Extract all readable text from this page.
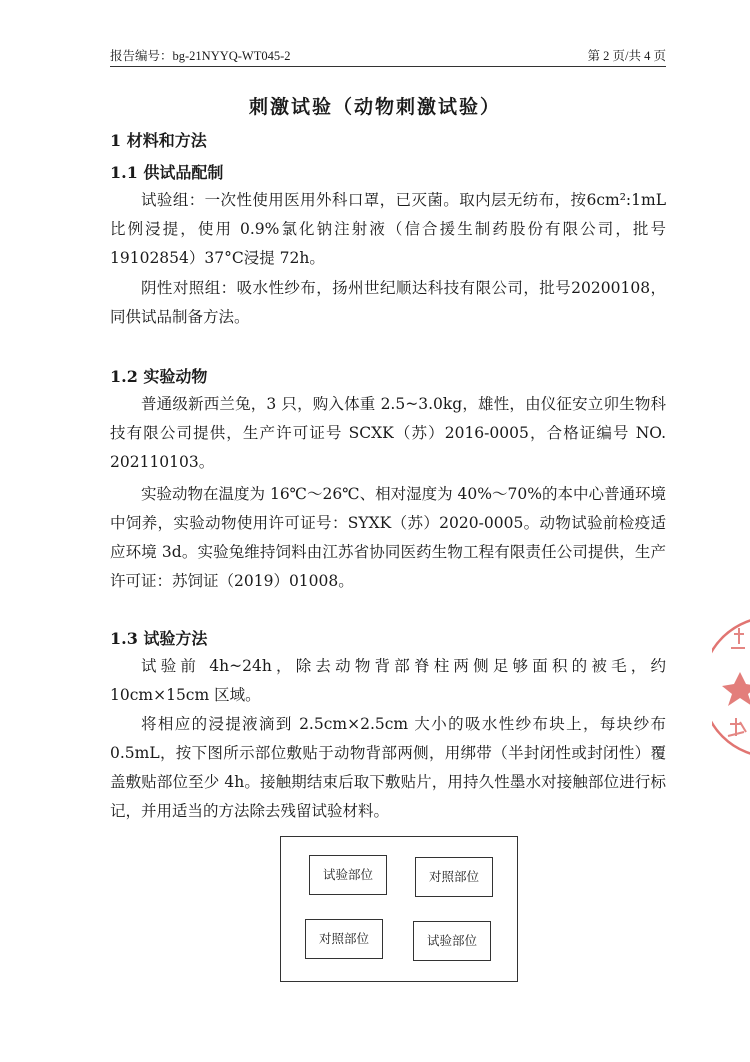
报告编号：bg-21NYYQ-WT045-2	第 2 页/共 4 页
刺激试验（动物刺激试验）
1 材料和方法
1.1 供试品配制
试验组：一次性使用医用外科口罩，已灭菌。取内层无纺布，按6cm²:1mL 比例浸提，使用 0.9%氯化钠注射液（信合援生制药股份有限公司，批号 19102854）37°C浸提 72h。
阴性对照组：吸水性纱布，扬州世纪顺达科技有限公司，批号20200108，同供试品制备方法。
1.2 实验动物
普通级新西兰兔，3 只，购入体重 2.5~3.0kg，雄性，由仪征安立卯生物科技有限公司提供，生产许可证号 SCXK（苏）2016-0005，合格证编号 NO. 202110103。
实验动物在温度为 16℃～26℃、相对湿度为 40%～70%的本中心普通环境中饲养，实验动物使用许可证号：SYXK（苏）2020-0005。动物试验前检疫适应环境 3d。实验兔维持饲料由江苏省协同医药生物工程有限责任公司提供，生产许可证：苏饲证（2019）01008。
1.3 试验方法
试验前 4h~24h，除去动物背部脊柱两侧足够面积的被毛，约 10cm×15cm 区域。
将相应的浸提液滴到 2.5cm×2.5cm 大小的吸水性纱布块上，每块纱布 0.5mL，按下图所示部位敷贴于动物背部两侧，用绑带（半封闭性或封闭性）覆盖敷贴部位至少 4h。接触期结束后取下敷贴片，用持久性墨水对接触部位进行标记，并用适当的方法除去残留试验材料。
试验部位	对照部位
对照部位	试验部位
